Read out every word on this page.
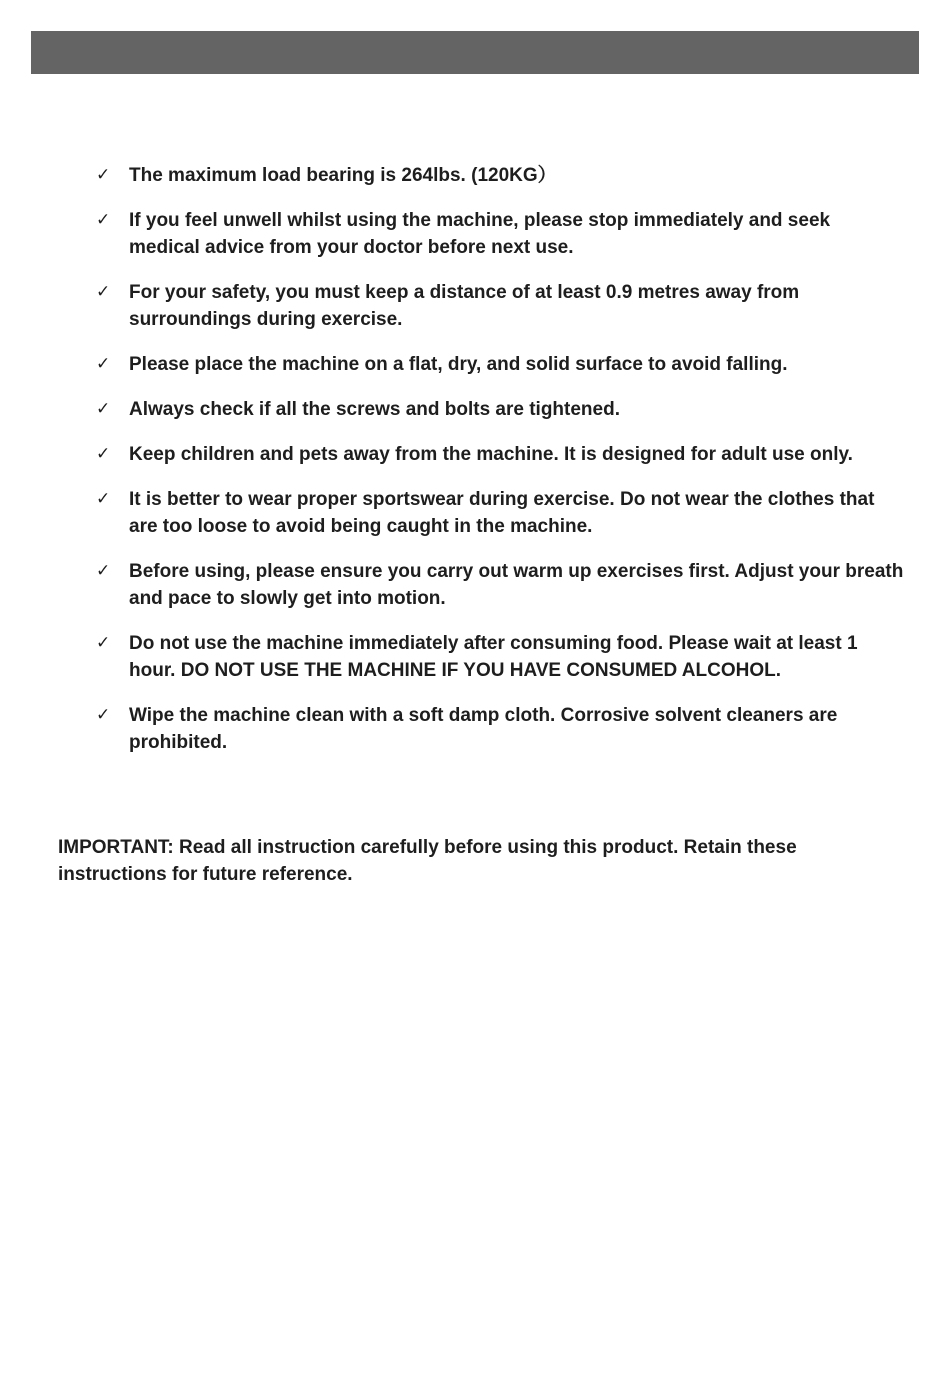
✓ The maximum load bearing is 264lbs. (120KG）
✓ If you feel unwell whilst using the machine, please stop immediately and seek medical advice from your doctor before next use.
✓ For your safety, you must keep a distance of at least 0.9 metres away from surroundings during exercise.
✓ Please place the machine on a flat, dry, and solid surface to avoid falling.
✓ Always check if all the screws and bolts are tightened.
✓ Keep children and pets away from the machine. It is designed for adult use only.
✓ It is better to wear proper sportswear during exercise. Do not wear the clothes that are too loose to avoid being caught in the machine.
✓ Before using, please ensure you carry out warm up exercises first. Adjust your breath and pace to slowly get into motion.
✓ Do not use the machine immediately after consuming food. Please wait at least 1 hour. DO NOT USE THE MACHINE IF YOU HAVE CONSUMED ALCOHOL.
✓ Wipe the machine clean with a soft damp cloth. Corrosive solvent cleaners are prohibited.

IMPORTANT: Read all instruction carefully before using this product. Retain these instructions for future reference.
